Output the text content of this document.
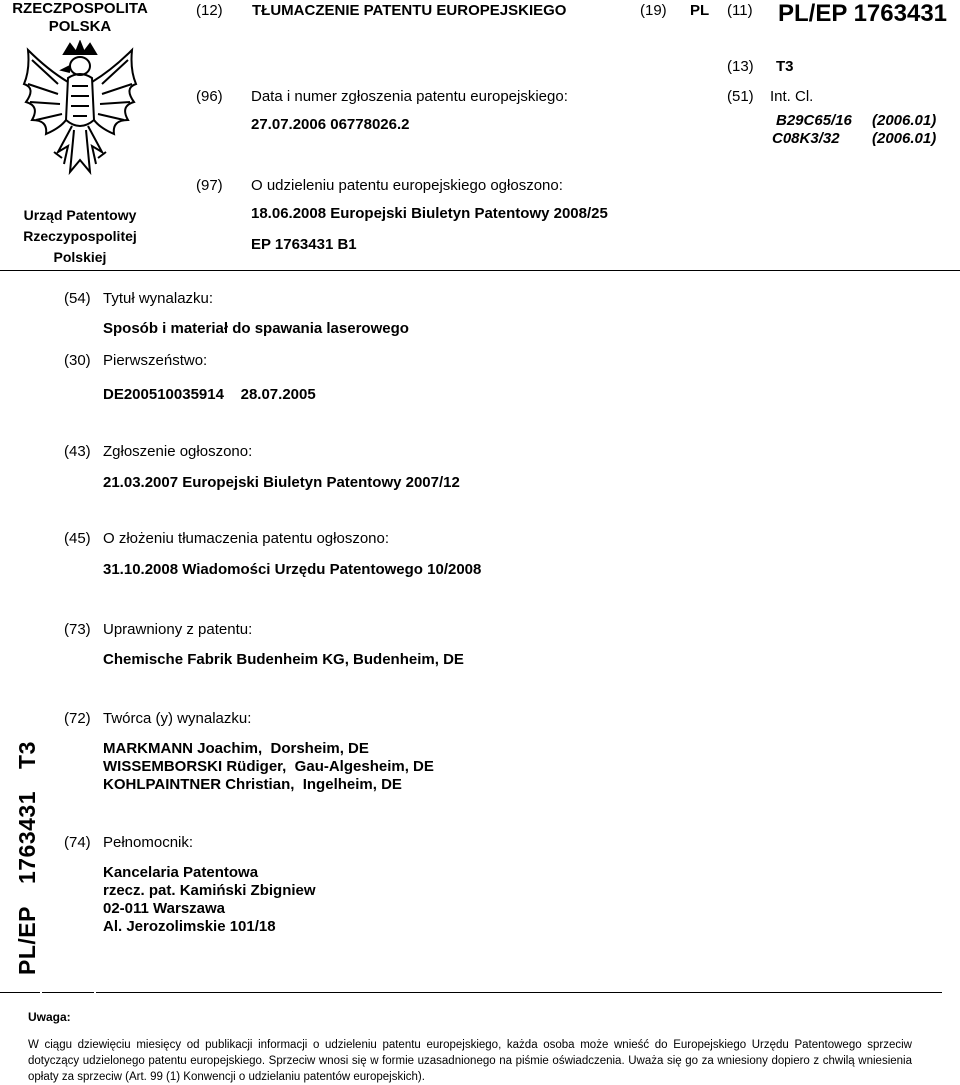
RZECZPOSPOLITA
POLSKA
Urząd Patentowy Rzeczypospolitej Polskiej
(12) TŁUMACZENIE PATENTU EUROPEJSKIEGO	(19) PL (11) PL/EP 1763431
(13) T3
(96) Data i numer zgłoszenia patentu europejskiego:
27.07.2006 06778026.2
(51) Int. Cl.
B29C65/16 (2006.01)
C08K3/32 (2006.01)
(97) O udzieleniu patentu europejskiego ogłoszono:
18.06.2008 Europejski Biuletyn Patentowy 2008/25
EP 1763431 B1
(54) Tytuł wynalazku:
Sposób i materiał do spawania laserowego
(30) Pierwszeństwo:
DE200510035914    28.07.2005
(43) Zgłoszenie ogłoszono:
21.03.2007 Europejski Biuletyn Patentowy 2007/12
(45) O złożeniu tłumaczenia patentu ogłoszono:
31.10.2008 Wiadomości Urzędu Patentowego 10/2008
(73) Uprawniony z patentu:
Chemische Fabrik Budenheim KG, Budenheim, DE
(72) Twórca (y) wynalazku:
MARKMANN Joachim,  Dorsheim, DE
WISSEMBORSKI Rüdiger,  Gau-Algesheim, DE
KOHLPAINTNER Christian,  Ingelheim, DE
(74) Pełnomocnik:
Kancelaria Patentowa
rzecz. pat. Kamiński Zbigniew
02-011 Warszawa
Al. Jerozolimskie 101/18
PL/EP1763431T3
Uwaga:
W ciągu dziewięciu miesięcy od publikacji informacji o udzieleniu patentu europejskiego, każda osoba może wnieść do Europejskiego Urzędu Patentowego sprzeciw dotyczący udzielonego patentu europejskiego. Sprzeciw wnosi się w formie uzasadnionego na piśmie oświadczenia. Uważa się go za wniesiony dopiero z chwilą wniesienia opłaty za sprzeciw (Art. 99 (1) Konwencji o udzielaniu patentów europejskich).
